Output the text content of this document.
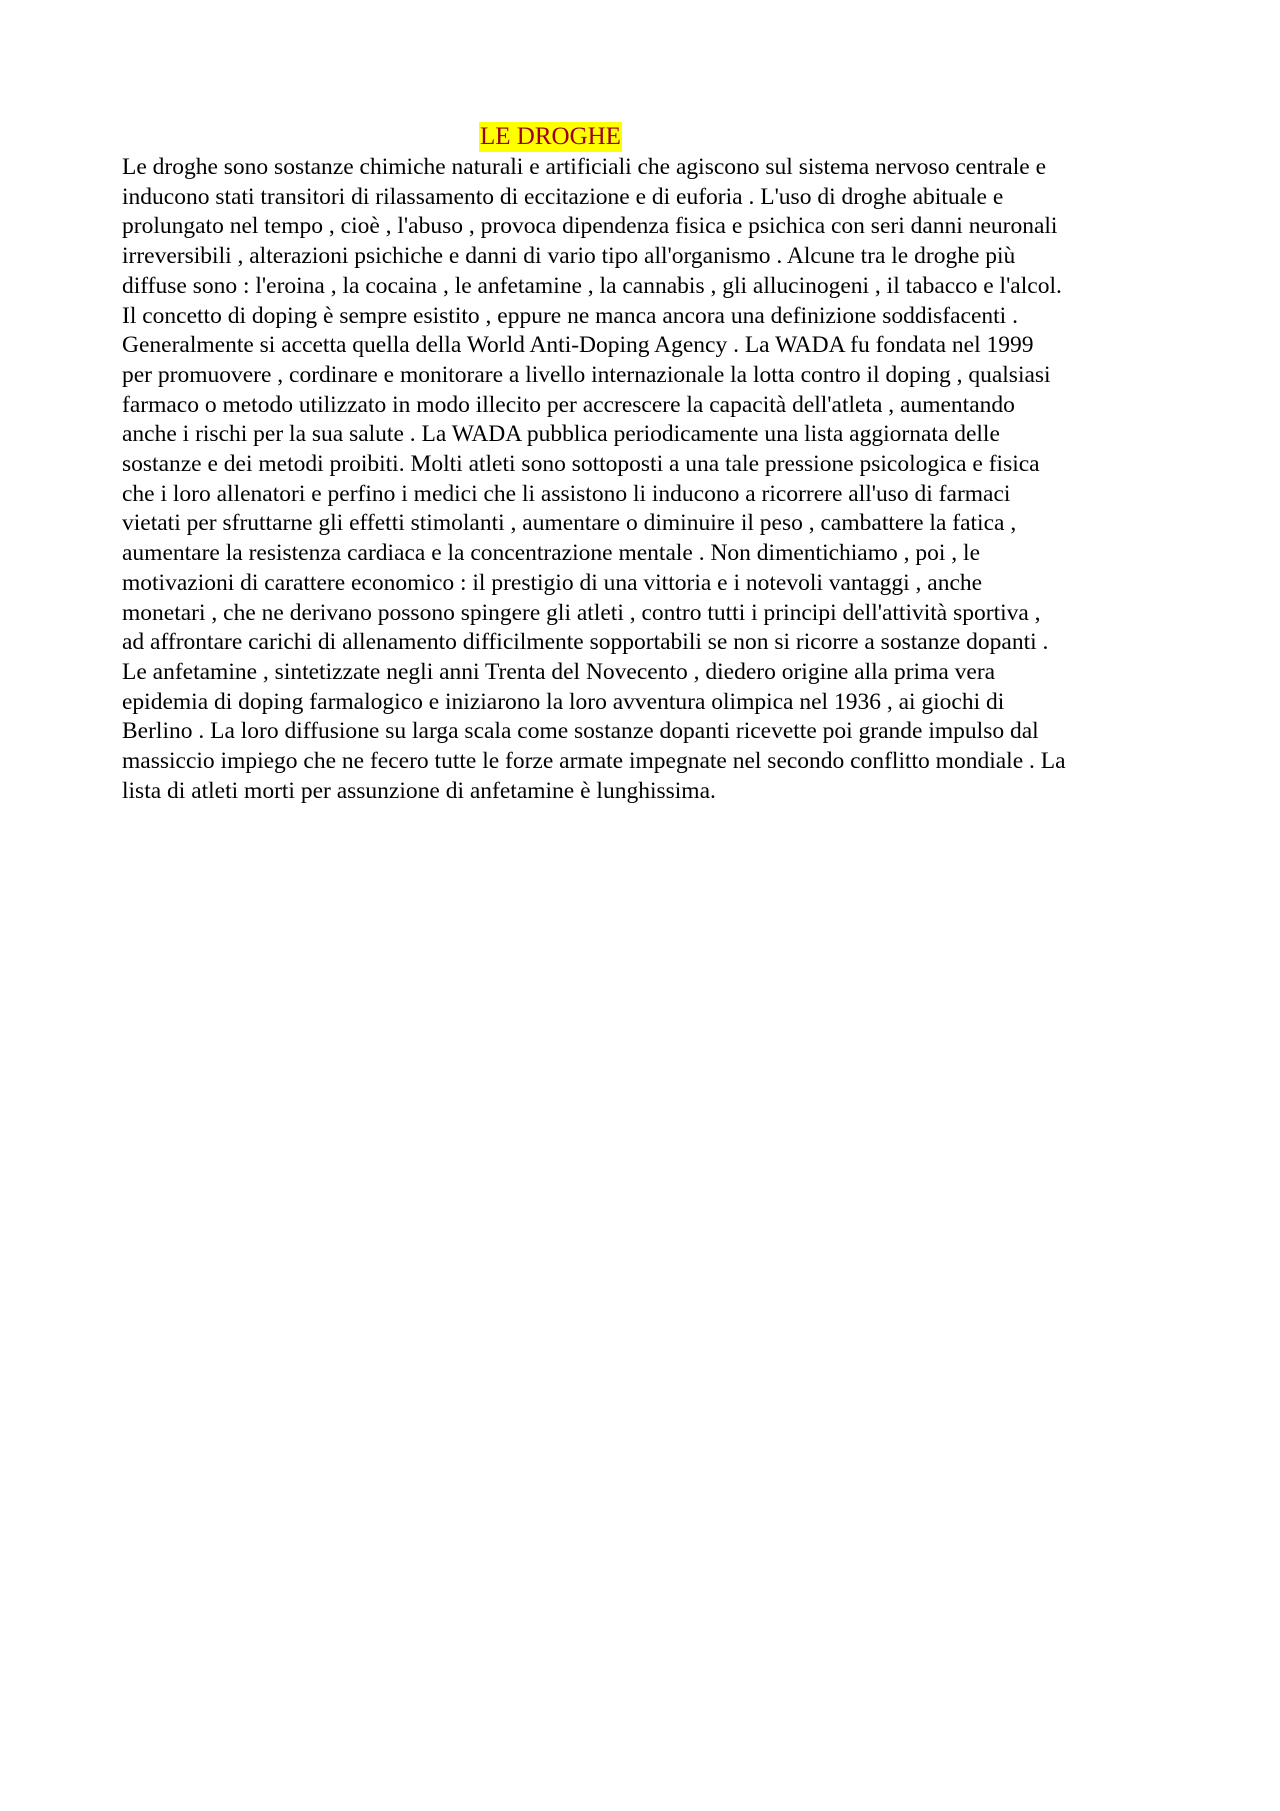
LE DROGHE
Le droghe sono sostanze chimiche naturali e artificiali che agiscono sul sistema nervoso centrale e
inducono stati transitori di rilassamento di eccitazione e di euforia . L'uso di droghe abituale e
prolungato nel tempo , cioè , l'abuso , provoca dipendenza fisica e psichica con seri danni neuronali
irreversibili , alterazioni psichiche e danni di vario tipo all'organismo . Alcune tra le droghe più
diffuse sono : l'eroina , la cocaina , le anfetamine , la cannabis , gli allucinogeni , il tabacco e l'alcol.
Il concetto di doping è sempre esistito , eppure ne manca ancora una definizione soddisfacenti .
Generalmente si accetta quella della World Anti-Doping Agency . La WADA fu fondata nel 1999
per promuovere , cordinare e monitorare a livello internazionale la lotta contro il doping , qualsiasi
farmaco o metodo utilizzato in modo illecito per accrescere la capacità dell'atleta , aumentando
anche i rischi per la sua salute . La WADA pubblica periodicamente una lista aggiornata delle
sostanze e dei metodi proibiti. Molti atleti sono sottoposti a una tale pressione psicologica e fisica
che i loro allenatori e perfino i medici che li assistono li inducono a ricorrere all'uso di farmaci
vietati per sfruttarne gli effetti stimolanti , aumentare o diminuire il peso , cambattere la fatica ,
aumentare la resistenza cardiaca e la concentrazione mentale . Non dimentichiamo , poi , le
motivazioni di carattere economico : il prestigio di una vittoria e i notevoli vantaggi , anche
monetari , che ne derivano possono spingere gli atleti , contro tutti i principi dell'attività sportiva ,
ad affrontare carichi di allenamento difficilmente sopportabili se non si ricorre a sostanze dopanti .
Le anfetamine , sintetizzate negli anni Trenta del Novecento , diedero origine alla prima vera
epidemia di doping farmalogico e iniziarono la loro avventura olimpica nel 1936 , ai giochi di
Berlino . La loro diffusione su larga scala come sostanze dopanti ricevette poi grande impulso dal
massiccio impiego che ne fecero tutte le forze armate impegnate nel secondo conflitto mondiale . La
lista di atleti morti per assunzione di anfetamine è lunghissima.
